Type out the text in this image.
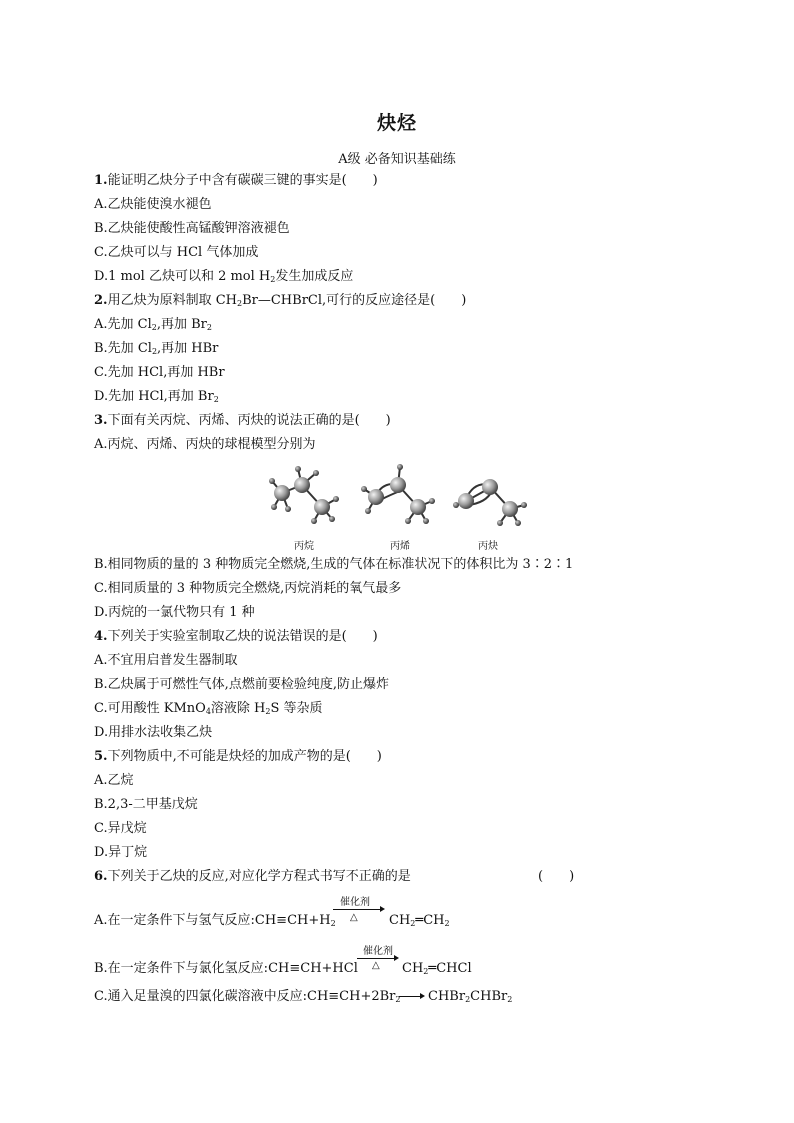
炔烃
A级 必备知识基础练
1.能证明乙炔分子中含有碳碳三键的事实是(　　)
A.乙炔能使溴水褪色
B.乙炔能使酸性高锰酸钾溶液褪色
C.乙炔可以与 HCl 气体加成
D.1 mol 乙炔可以和 2 mol $H_2$发生加成反应
2.用乙炔为原料制取 $CH_2Br—CHBrCl$,可行的反应途径是(　　)
A.先加 $Cl_2$,再加 $Br_2$
B.先加 $Cl_2$,再加 HBr
C.先加 HCl,再加 HBr
D.先加 HCl,再加 $Br_2$
3.下面有关丙烷、丙烯、丙炔的说法正确的是(　　)
A.丙烷、丙烯、丙炔的球棍模型分别为
丙烷	丙烯	丙炔
B.相同物质的量的 3 种物质完全燃烧,生成的气体在标准状况下的体积比为 3∶2∶1
C.相同质量的 3 种物质完全燃烧,丙烷消耗的氧气最多
D.丙烷的一氯代物只有 1 种
4.下列关于实验室制取乙炔的说法错误的是(　　)
A.不宜用启普发生器制取
B.乙炔属于可燃性气体,点燃前要检验纯度,防止爆炸
C.可用酸性 KMnO$_4$溶液除 $H_2S$ 等杂质
D.用排水法收集乙炔
5.下列物质中,不可能是炔烃的加成产物的是(　　)
A.乙烷
B.2,3-二甲基戊烷
C.异戊烷
D.异丁烷
6.下列关于乙炔的反应,对应化学方程式书写不正确的是	(　　)
A.在一定条件下与氢气反应$:CH\equiv CH+H_2$
催化剂
△ $CH_2═CH_2$
B.在一定条件下与氯化氢反应:CH≡CH+HCl
催化剂
△ $CH_2═CHCl$
C.通入足量溴的四氯化碳溶液中反应$:CH\equiv CH+2Br_2$ CHBr$_2$CHBr$_2$
